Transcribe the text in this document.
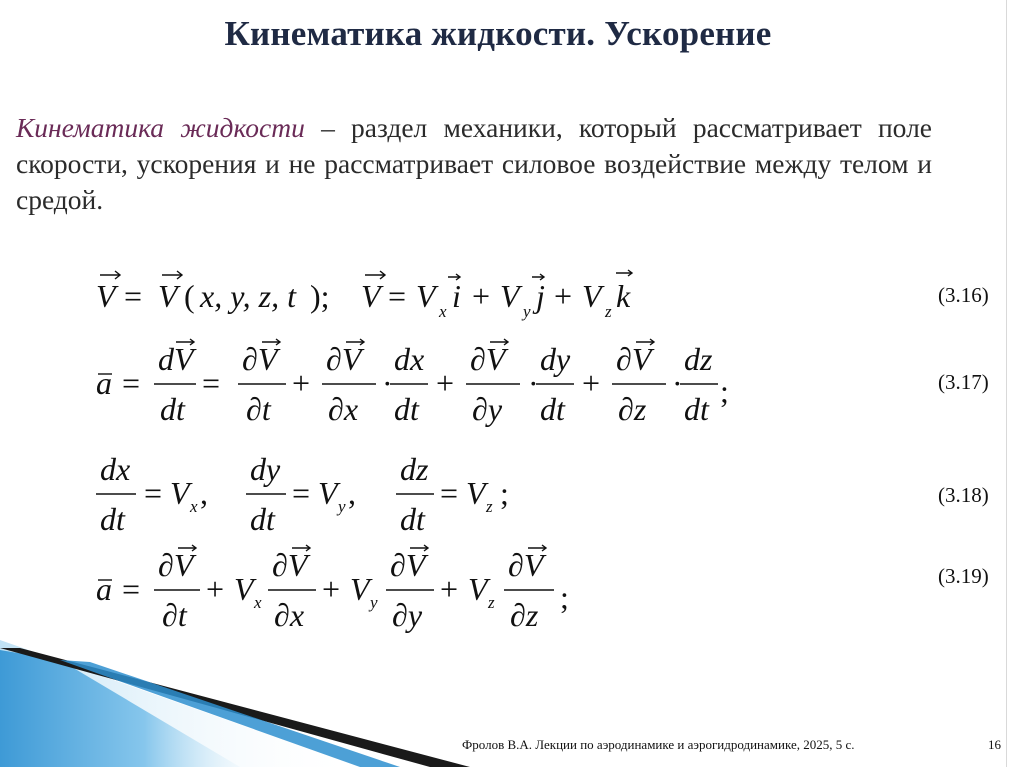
Кинематика жидкости. Ускорение
Кинематика жидкости – раздел механики, который рассматривает поле скорости, ускорения и не рассматривает силовое воздействие между телом и средой.
V V	V V i V j V k
x, y, z, t	x	y	z
= (	); = + +	(3.16)
a = = + · + · + · ;
dV
dt
∂V
∂t
∂V
∂x
dx
dt
∂V
∂y
dy
dt
∂V
∂z
dz
dt
(3.17)
dx
dt
= V x ,
dy
dt
= V y ,
dz
dt
= V z ;	(3.18)
a =
∂V
∂t
+ V x
∂V
∂x
+ V y
∂V
∂y
+ V z
∂V
∂z ;
(3.19)
Фролов В.А. Лекции по аэродинамике и аэрогидродинамике, 2025, 5 с.	16
